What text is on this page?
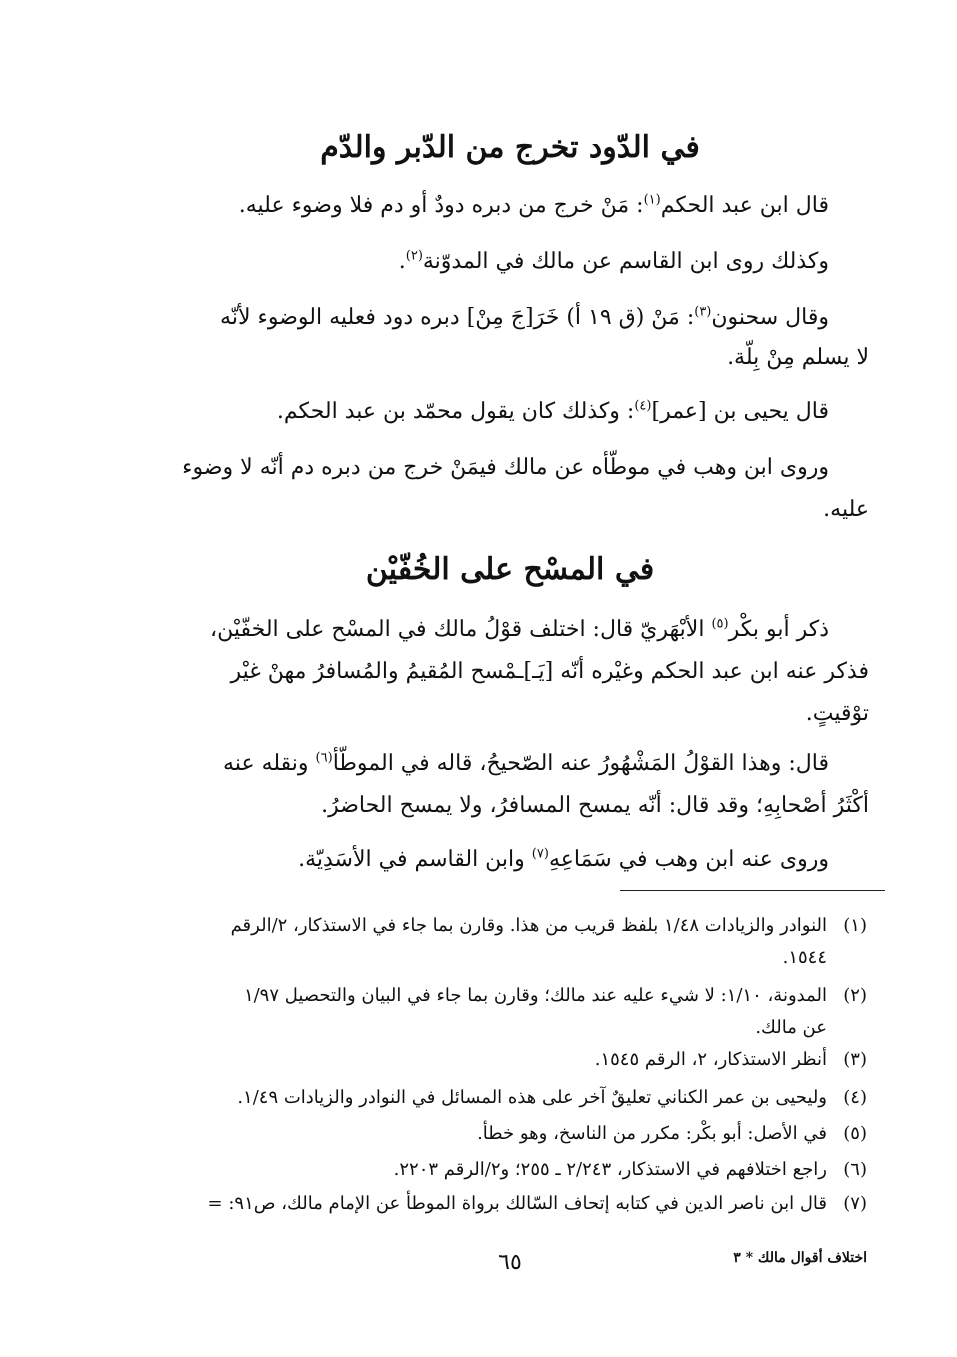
في الدّود تخرج من الدّبر والدّم
قال ابن عبد الحكم$^{(١)}$: مَنْ خرج من دبره دودٌ أو دم فلا وضوء عليه.
وكذلك روى ابن القاسم عن مالك في المدوّنة$^{(٢)}$.
وقال سحنون$^{(٣)}$: مَنْ (ق ١٩ أ) خَرَ[جَ مِنْ] دبره دود فعليه الوضوء لأنّه
لا يسلم مِنْ بِلّة.
قال يحيى بن [عمر]$^{(٤)}$: وكذلك كان يقول محمّد بن عبد الحكم.
وروى ابن وهب في موطّأه عن مالك فيمَنْ خرج من دبره دم أنّه لا وضوء
عليه.
في المسْح على الخُفّيْن
ذكر أبو بكْر$^{(٥)}$ الأبْهَريّ قال: اختلف قوْلُ مالك في المسْح على الخفّيْن،
فذكر عنه ابن عبد الحكم وغيْره أنّه [يَـ]ـمْسح المُقيمُ والمُسافرُ مهنْ غيْر
توْقيتٍ.
قال: وهذا القوْلُ المَشْهُورُ عنه الصّحيحُ، قاله في الموطّأ$^{(٦)}$ ونقله عنه
أكْثَرُ أصْحابِهِ؛ وقد قال: أنّه يمسح المسافرُ، ولا يمسح الحاضرُ.
وروى عنه ابن وهب في سَمَاعِهِ$^{(٧)}$ وابن القاسم في الأسَدِيّة.
(١)النوادر والزيادات ١/٤٨ بلفظ قريب من هذا. وقارن بما جاء في الاستذكار، ٢/الرقم
١٥٤٤.
(٢)المدونة، ١/١٠: لا شيء عليه عند مالك؛ وقارن بما جاء في البيان والتحصيل ١/٩٧
عن مالك.
(٣)أنظر الاستذكار، ٢، الرقم ١٥٤٥.
(٤)وليحيى بن عمر الكناني تعليقٌ آخر على هذه المسائل في النوادر والزيادات ١/٤٩.
(٥)في الأصل: أبو بكْر: مكرر من الناسخ، وهو خطأ.
(٦)راجع اختلافهم في الاستذكار، ٢/٢٤٣ ـ ٢٥٥؛ و٢/الرقم ٢٢٠٣.
(٧)قال ابن ناصر الدين في كتابه إتحاف السّالك برواة الموطأ عن الإمام مالك، ص٩١: =
٦٥	اختلاف أقوال مالك * ٣
